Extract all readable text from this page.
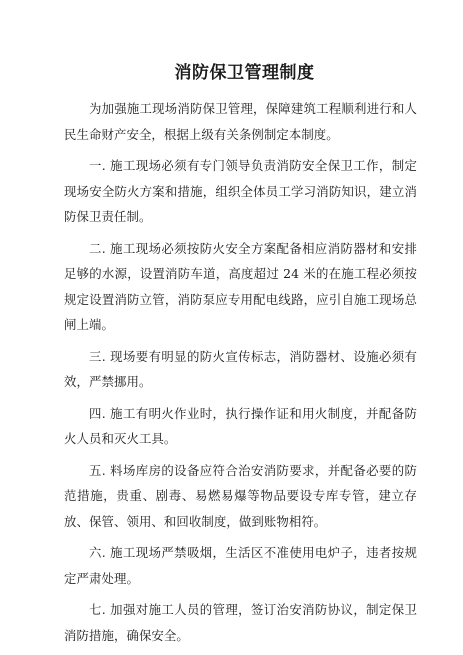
消防保卫管理制度

为加强施工现场消防保卫管理，保障建筑工程顺利进行和人民生命财产安全，根据上级有关条例制定本制度。

一. 施工现场必须有专门领导负责消防安全保卫工作，制定现场安全防火方案和措施，组织全体员工学习消防知识，建立消防保卫责任制。

二. 施工现场必须按防火安全方案配备相应消防器材和安排足够的水源，设置消防车道，高度超过 24 米的在施工程必须按规定设置消防立管，消防泵应专用配电线路，应引自施工现场总闸上端。

三. 现场要有明显的防火宣传标志，消防器材、设施必须有效，严禁挪用。

四. 施工有明火作业时，执行操作证和用火制度，并配备防火人员和灭火工具。

五. 料场库房的设备应符合治安消防要求，并配备必要的防范措施，贵重、剧毒、易燃易爆等物品要设专库专管，建立存放、保管、领用、和回收制度，做到账物相符。

六. 施工现场严禁吸烟，生活区不准使用电炉子，违者按规定严肃处理。

七. 加强对施工人员的管理，签订治安消防协议，制定保卫消防措施，确保安全。
